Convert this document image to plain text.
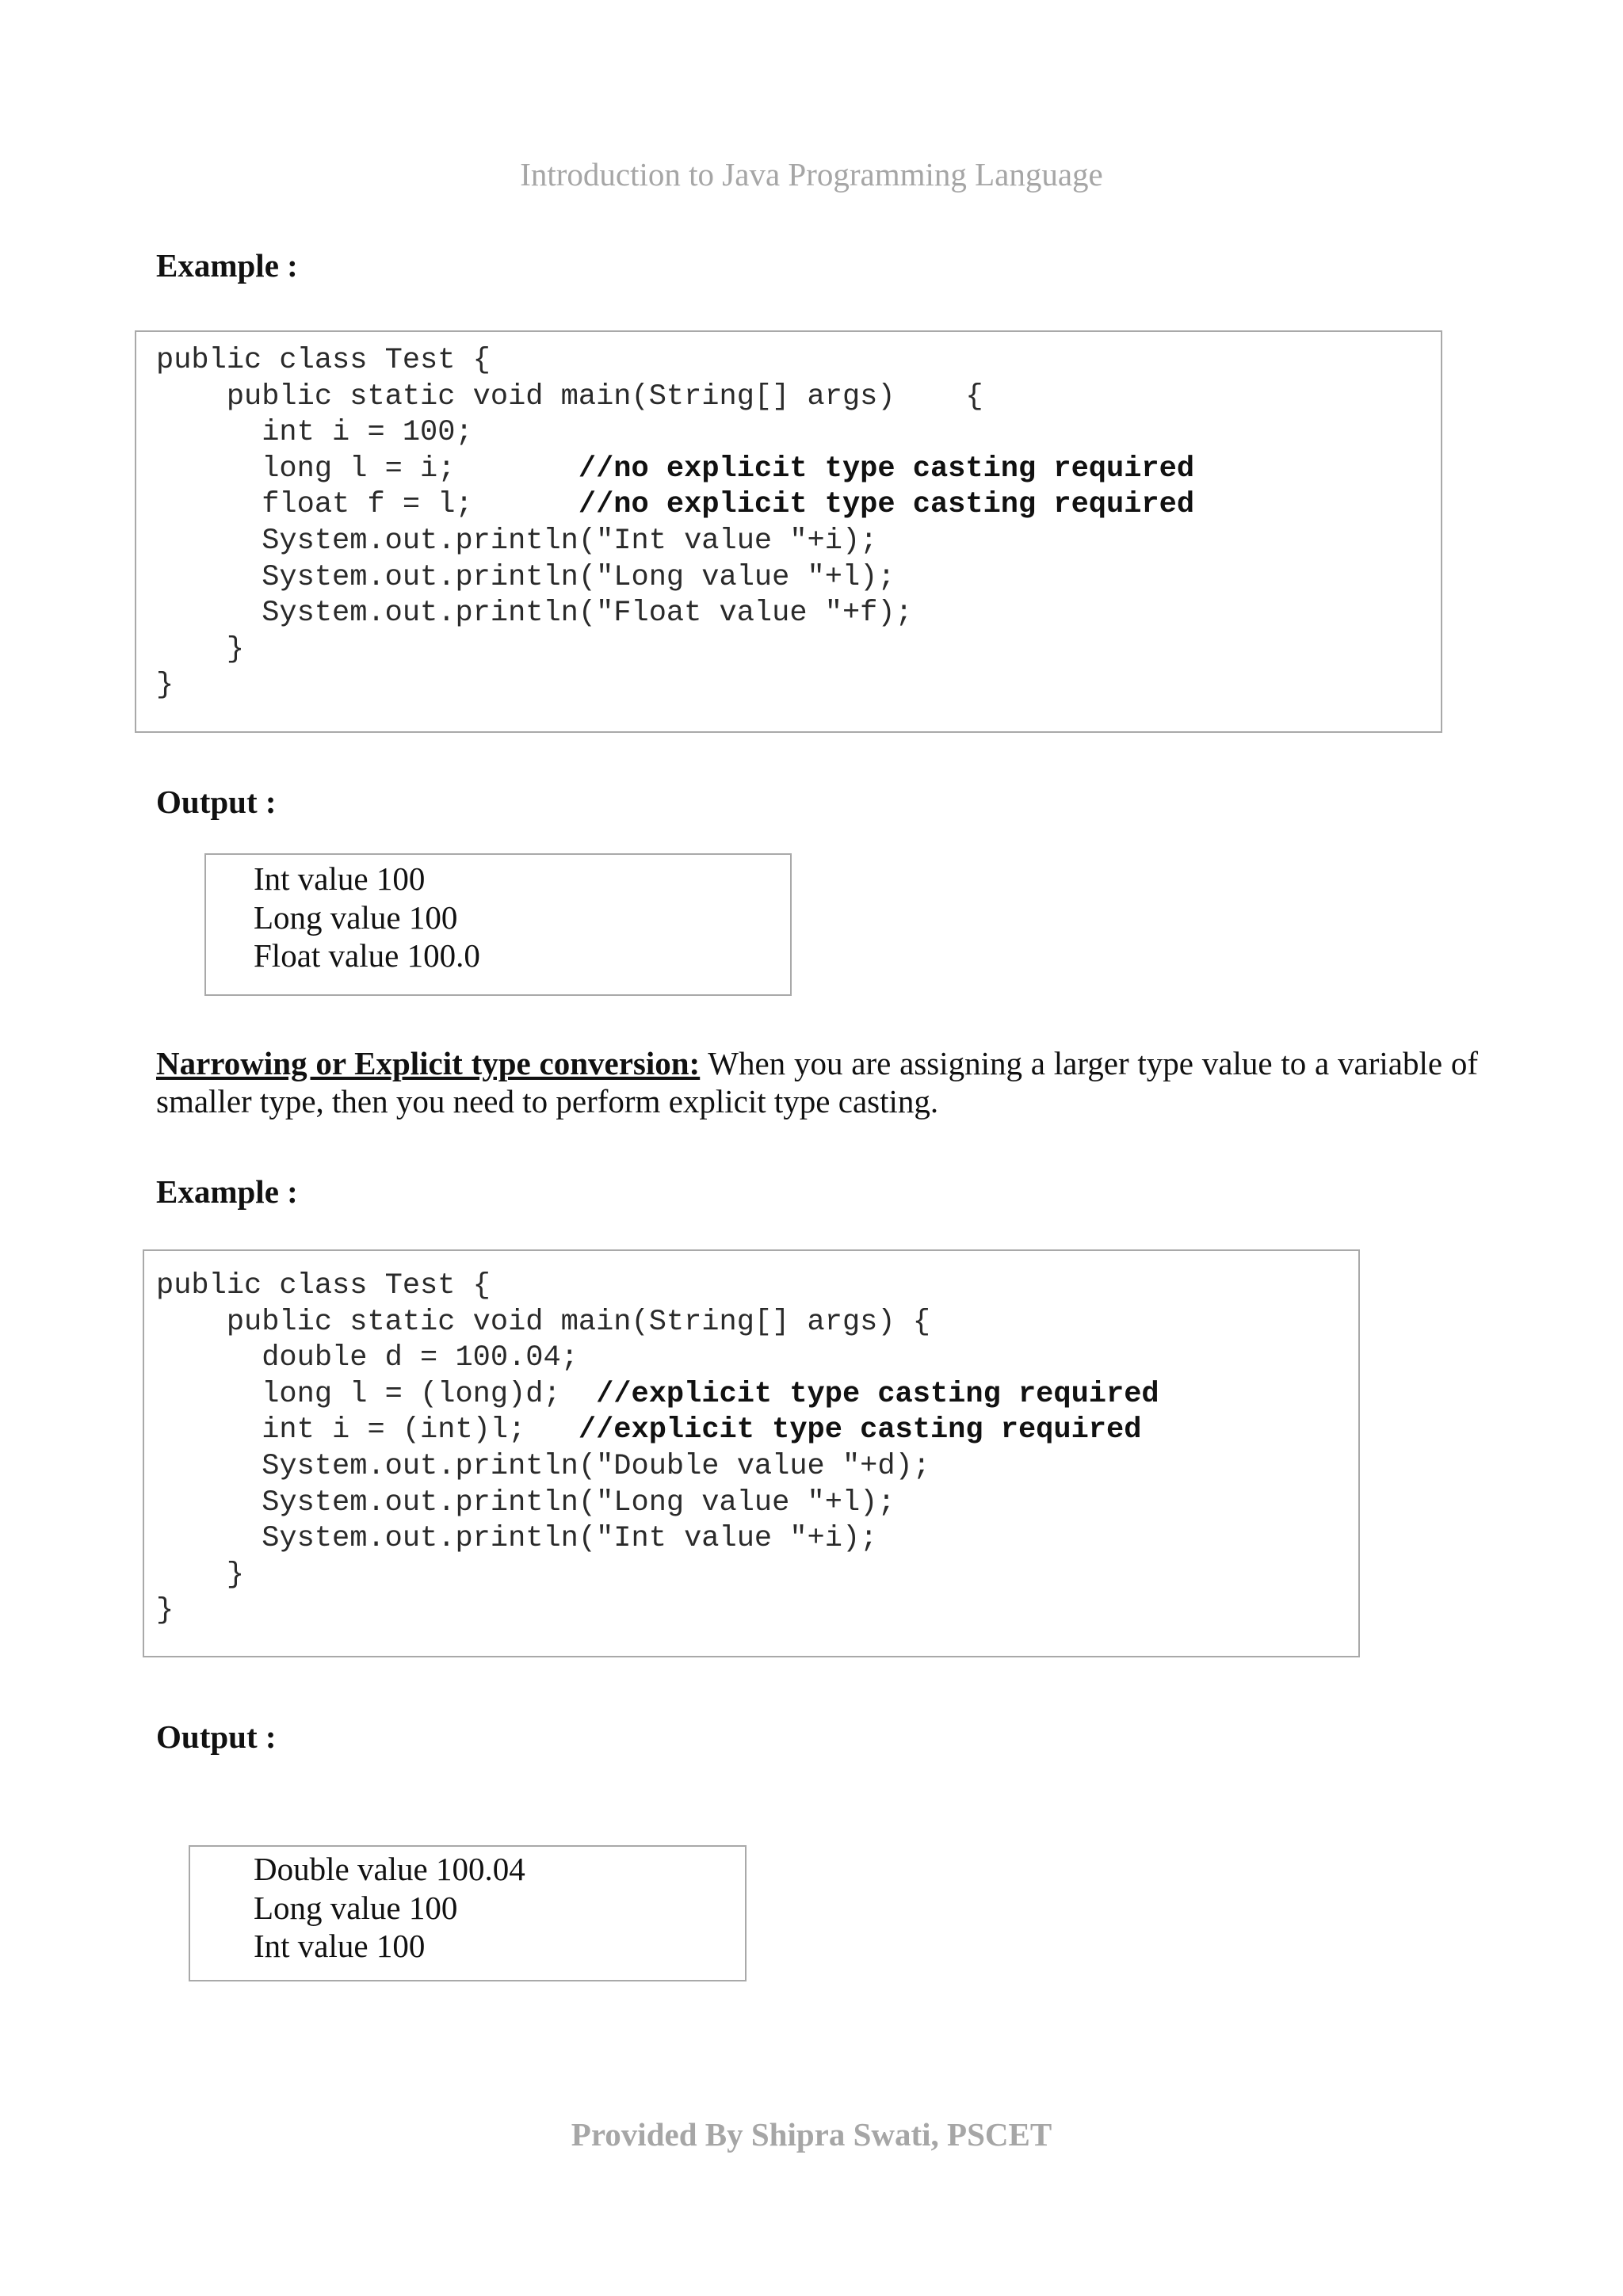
Introduction to Java Programming Language
Example :
public class Test {
public static void main(String[] args)    {
int i = 100;
long l = i;       //no explicit type casting required
float f = l;      //no explicit type casting required
System.out.println("Int value "+i);
System.out.println("Long value "+l);
System.out.println("Float value "+f);
}
}
Output :
Int value 100
Long value 100
Float value 100.0
Narrowing or Explicit type conversion: When you are assigning a larger type value to a variable of smaller type, then you need to perform explicit type casting.
Example :
public class Test {
public static void main(String[] args) {
double d = 100.04;
long l = (long)d;  //explicit type casting required
int i = (int)l;   //explicit type casting required
System.out.println("Double value "+d);
System.out.println("Long value "+l);
System.out.println("Int value "+i);
}
}
Output :
Double value 100.04
Long value 100
Int value 100
Provided By Shipra Swati, PSCET
